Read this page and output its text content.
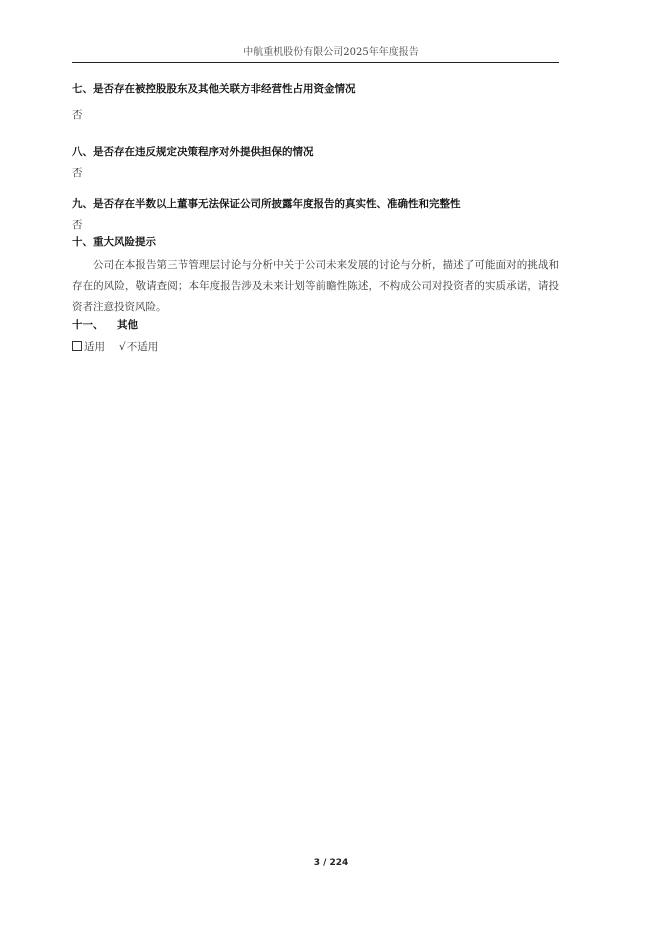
中航重机股份有限公司2025年年度报告
七、是否存在被控股股东及其他关联方非经营性占用资金情况
否
八、是否存在违反规定决策程序对外提供担保的情况
否
九、是否存在半数以上董事无法保证公司所披露年度报告的真实性、准确性和完整性
否
十、重大风险提示

公司在本报告第三节管理层讨论与分析中关于公司未来发展的讨论与分析，描述了可能面对的挑战和存在的风险，敬请查阅；本年度报告涉及未来计划等前瞻性陈述，不构成公司对投资者的实质承诺，请投资者注意投资风险。

十一、 其他
适用 √不适用
3 / 224
